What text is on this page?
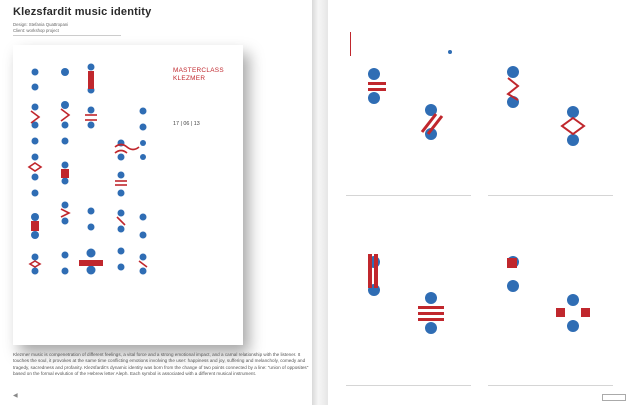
Klezsfardit music identity
Design: Stefania Quattropani
Client: workshop project
MASTERCLASS
KLEZMER
17 | 06 | 13
Klezmer music is compenetration of different feelings, a vital force and a strong emotional impact, and a carnal relationship with the listener. It touches the soul, it provokes at the same time conflicting emotions involving the user: happiness and joy, suffering and melancholy, comedy and tragedy, sacredness and profanity. Klezsfardit's dynamic identity was born from the change of two points connected by a line: "union of opposites" based on the formal evolution of the Hebrew letter Aleph. Each symbol is associated with a different musical instrument.
◀
